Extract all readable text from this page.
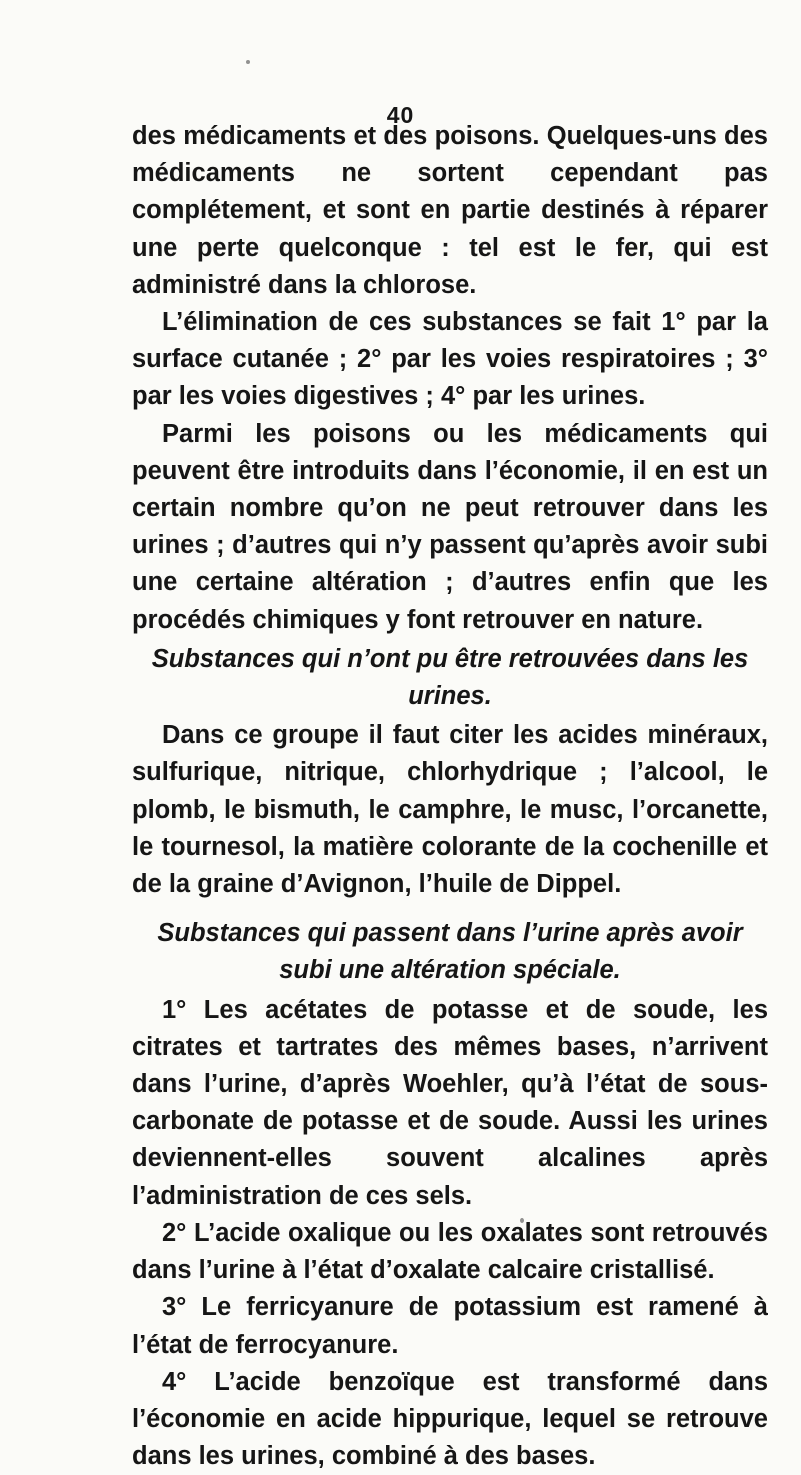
40

des médicaments et des poisons. Quelques-uns des médicaments ne sortent cependant pas complétement, et sont en partie destinés à réparer une perte quelconque : tel est le fer, qui est administré dans la chlorose.

L’élimination de ces substances se fait 1° par la surface cutanée ; 2° par les voies respiratoires ; 3° par les voies digestives ; 4° par les urines.

Parmi les poisons ou les médicaments qui peuvent être introduits dans l’économie, il en est un certain nombre qu’on ne peut retrouver dans les urines ; d’autres qui n’y passent qu’après avoir subi une certaine altération ; d’autres enfin que les procédés chimiques y font retrouver en nature.

Substances qui n’ont pu être retrouvées dans les urines.

Dans ce groupe il faut citer les acides minéraux, sulfurique, nitrique, chlorhydrique ; l’alcool, le plomb, le bismuth, le camphre, le musc, l’orcanette, le tournesol, la matière colorante de la cochenille et de la graine d’Avignon, l’huile de Dippel.

Substances qui passent dans l’urine après avoir subi une altération spéciale.

1° Les acétates de potasse et de soude, les citrates et tartrates des mêmes bases, n’arrivent dans l’urine, d’après Woehler, qu’à l’état de sous-carbonate de potasse et de soude. Aussi les urines deviennent-elles souvent alcalines après l’administration de ces sels.

2° L’acide oxalique ou les oxalates sont retrouvés dans l’urine à l’état d’oxalate calcaire cristallisé.

3° Le ferricyanure de potassium est ramené à l’état de ferrocyanure.

4° L’acide benzoïque est transformé dans l’économie en acide hippurique, lequel se retrouve dans les urines, combiné à des bases.
